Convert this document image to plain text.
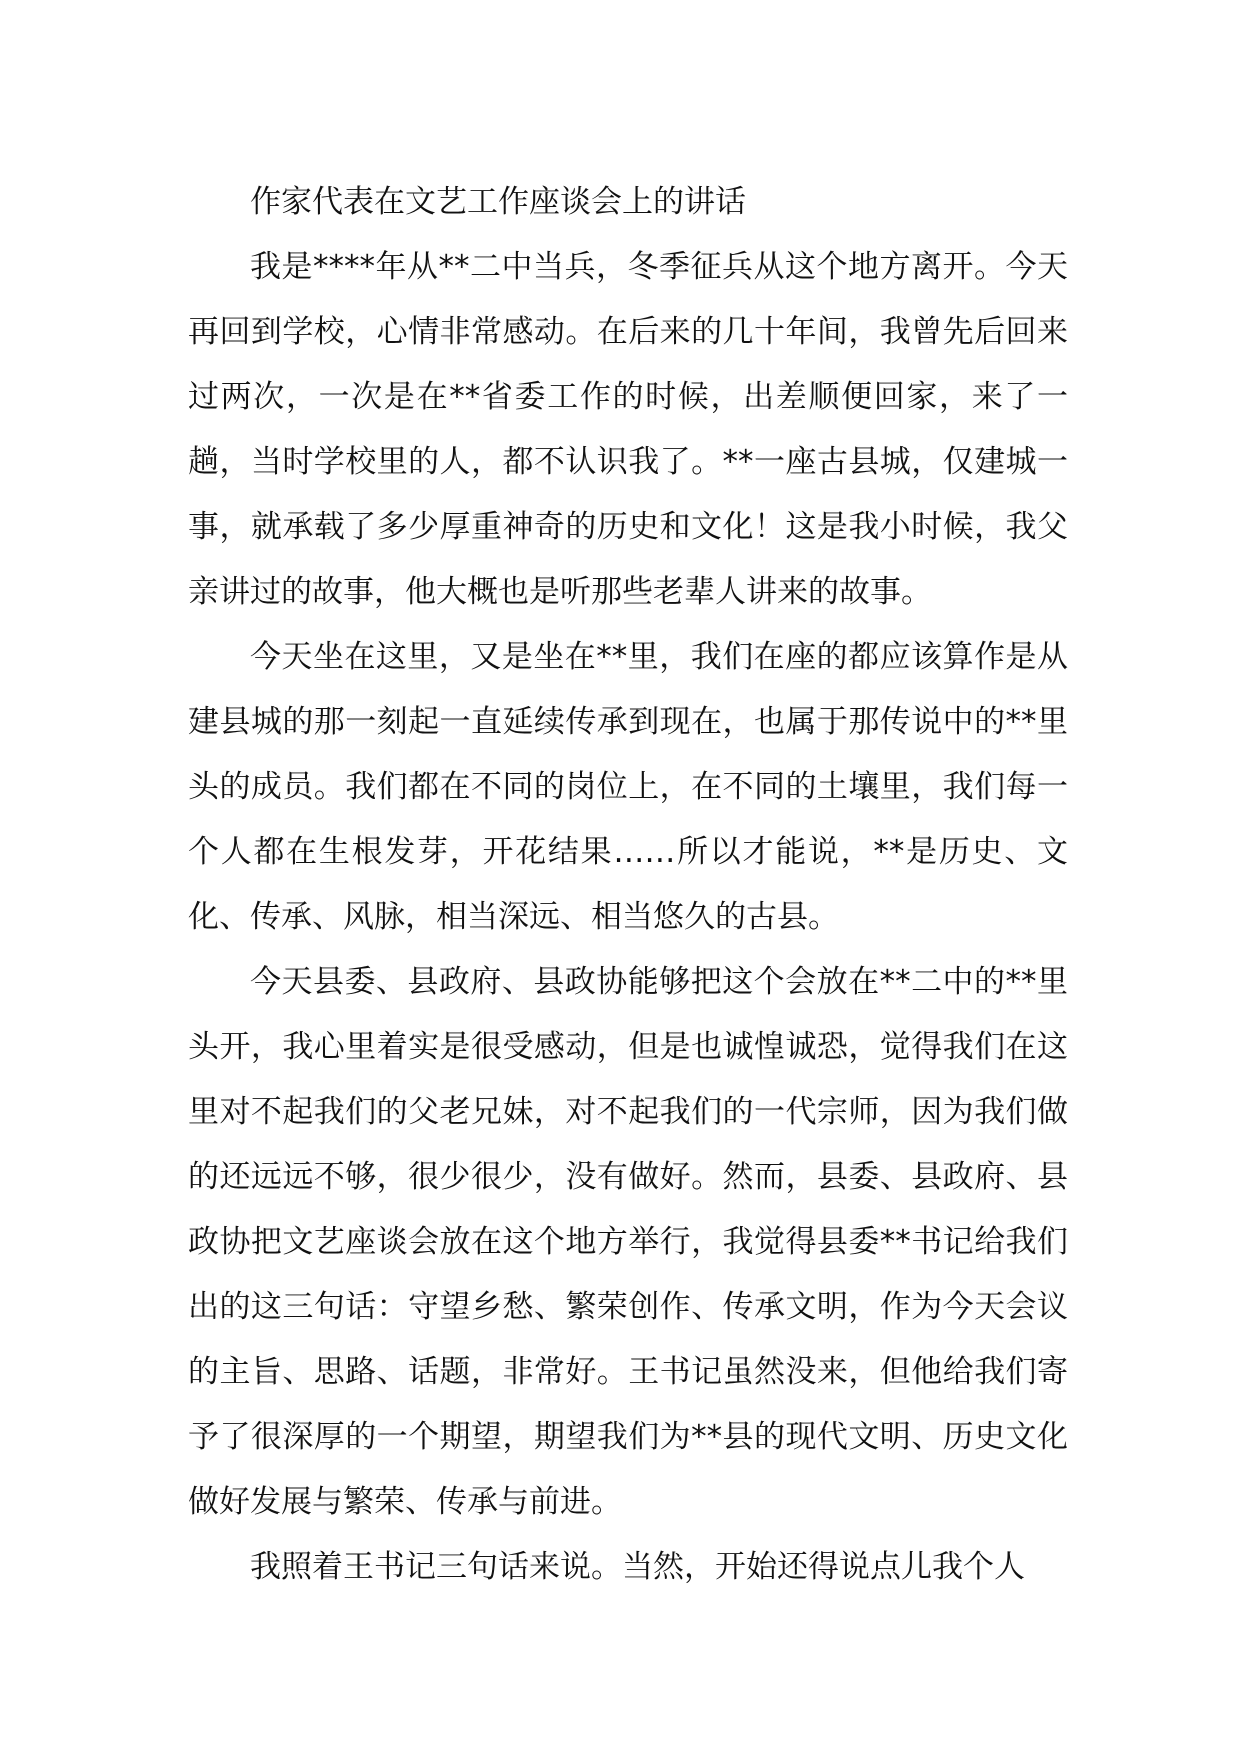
作家代表在文艺工作座谈会上的讲话

我是****年从**二中当兵，冬季征兵从这个地方离开。今天再回到学校，心情非常感动。在后来的几十年间，我曾先后回来过两次，一次是在**省委工作的时候，出差顺便回家，来了一趟，当时学校里的人，都不认识我了。**一座古县城，仅建城一事，就承载了多少厚重神奇的历史和文化！这是我小时候，我父亲讲过的故事，他大概也是听那些老辈人讲来的故事。

今天坐在这里，又是坐在**里，我们在座的都应该算作是从建县城的那一刻起一直延续传承到现在，也属于那传说中的**里头的成员。我们都在不同的岗位上，在不同的土壤里，我们每一个人都在生根发芽，开花结果……所以才能说，**是历史、文化、传承、风脉，相当深远、相当悠久的古县。

今天县委、县政府、县政协能够把这个会放在**二中的**里头开，我心里着实是很受感动，但是也诚惶诚恐，觉得我们在这里对不起我们的父老兄妹，对不起我们的一代宗师，因为我们做的还远远不够，很少很少，没有做好。然而，县委、县政府、县政协把文艺座谈会放在这个地方举行，我觉得县委**书记给我们出的这三句话：守望乡愁、繁荣创作、传承文明，作为今天会议的主旨、思路、话题，非常好。王书记虽然没来，但他给我们寄予了很深厚的一个期望，期望我们为**县的现代文明、历史文化做好发展与繁荣、传承与前进。

我照着王书记三句话来说。当然，开始还得说点儿我个人
